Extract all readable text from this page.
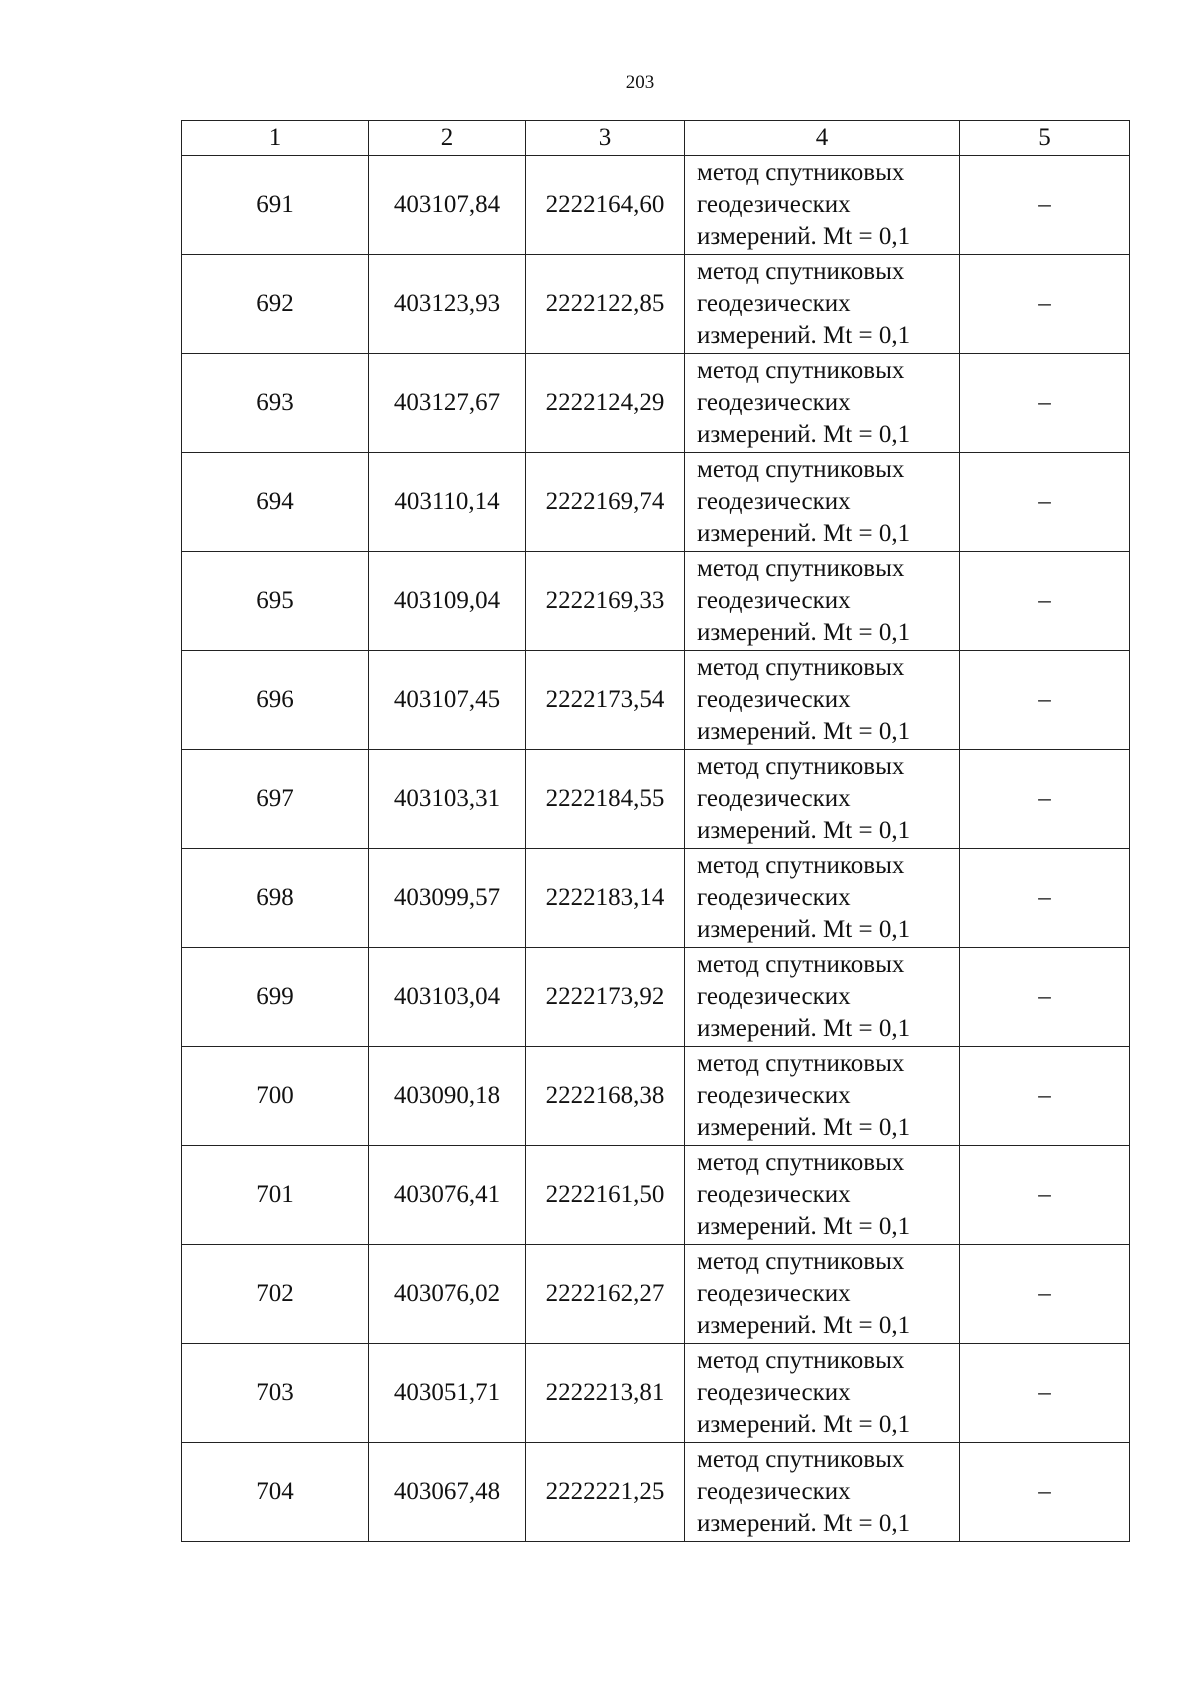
203
1	2	3	4	5
691	403107,84	2222164,60	метод спутниковых
геодезических
измерений. Mt = 0,1	–
692	403123,93	2222122,85	метод спутниковых
геодезических
измерений. Mt = 0,1	–
693	403127,67	2222124,29	метод спутниковых
геодезических
измерений. Mt = 0,1	–
694	403110,14	2222169,74	метод спутниковых
геодезических
измерений. Mt = 0,1	–
695	403109,04	2222169,33	метод спутниковых
геодезических
измерений. Mt = 0,1	–
696	403107,45	2222173,54	метод спутниковых
геодезических
измерений. Mt = 0,1	–
697	403103,31	2222184,55	метод спутниковых
геодезических
измерений. Mt = 0,1	–
698	403099,57	2222183,14	метод спутниковых
геодезических
измерений. Mt = 0,1	–
699	403103,04	2222173,92	метод спутниковых
геодезических
измерений. Mt = 0,1	–
700	403090,18	2222168,38	метод спутниковых
геодезических
измерений. Mt = 0,1	–
701	403076,41	2222161,50	метод спутниковых
геодезических
измерений. Mt = 0,1	–
702	403076,02	2222162,27	метод спутниковых
геодезических
измерений. Mt = 0,1	–
703	403051,71	2222213,81	метод спутниковых
геодезических
измерений. Mt = 0,1	–
704	403067,48	2222221,25	метод спутниковых
геодезических
измерений. Mt = 0,1	–
